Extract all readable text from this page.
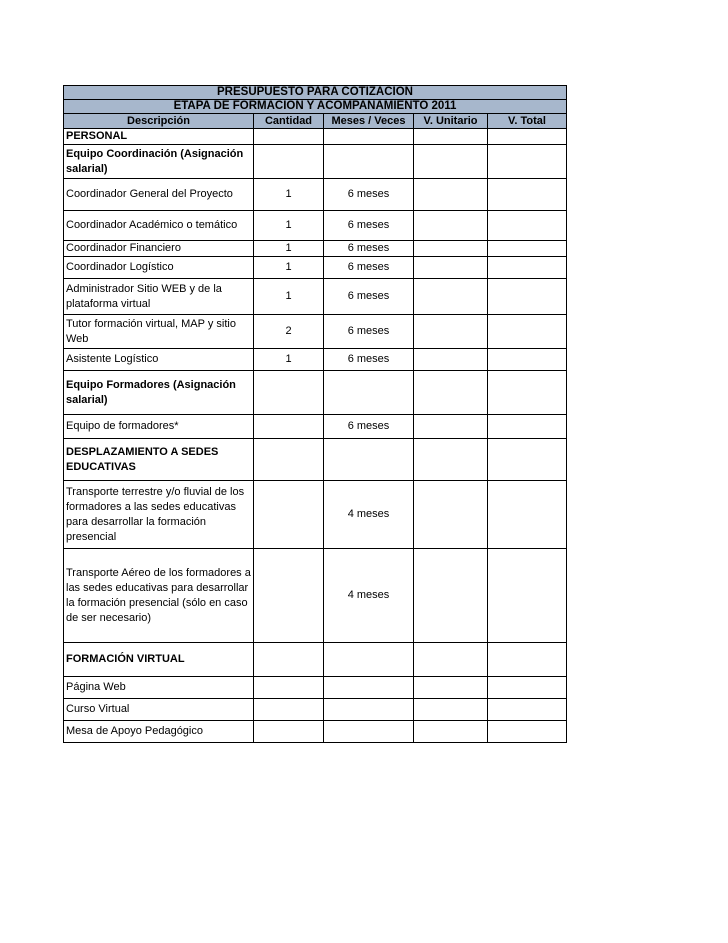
PRESUPUESTO PARA COTIZACIÓN				
ETAPA DE FORMACIÓN Y ACOMPAÑAMIENTO 2011				
Descripción	Cantidad	Meses / Veces	V. Unitario	V. Total
PERSONAL				
Equipo Coordinación (Asignación salarial)				
Coordinador General del Proyecto	1	6 meses		
Coordinador Académico o temático	1	6 meses		
Coordinador Financiero	1	6 meses		
Coordinador Logístico	1	6 meses		
Administrador Sitio WEB y de la plataforma virtual	1	6 meses		
Tutor formación virtual, MAP y sitio Web	2	6 meses		
Asistente Logístico	1	6 meses		
Equipo Formadores (Asignación salarial)				
Equipo de formadores*		6 meses		
DESPLAZAMIENTO A SEDES EDUCATIVAS				
Transporte terrestre y/o fluvial de los formadores a las sedes educativas para desarrollar la formación presencial		4 meses		
Transporte Aéreo de los formadores a las sedes educativas para desarrollar la formación presencial (sólo en caso de ser necesario)		4 meses		
FORMACIÓN VIRTUAL				
Página Web				
Curso Virtual				
Mesa de Apoyo Pedagógico				
